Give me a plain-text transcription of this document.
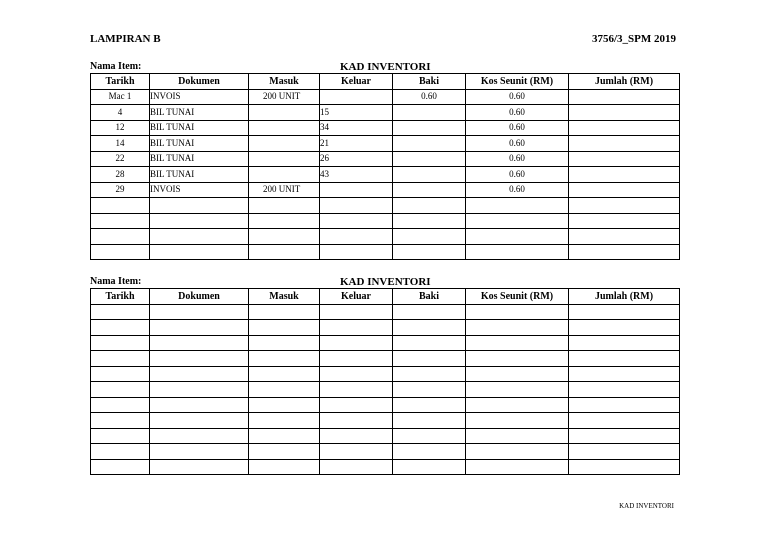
LAMPIRAN B	3756/3_SPM 2019
Nama Item:	KAD INVENTORI
Tarikh	Dokumen	Masuk	Keluar	Baki	Kos Seunit (RM)	Jumlah (RM)
Mac 1	INVOIS	200 UNIT		0.60	0.60	
4	BIL TUNAI		15		0.60	
12	BIL TUNAI		34		0.60	
14	BIL TUNAI		21		0.60	
22	BIL TUNAI		26		0.60	
28	BIL TUNAI		43		0.60	
29	INVOIS	200 UNIT			0.60	

Nama Item:	KAD INVENTORI
Tarikh	Dokumen	Masuk	Keluar	Baki	Kos Seunit (RM)	Jumlah (RM)

KAD INVENTORI
